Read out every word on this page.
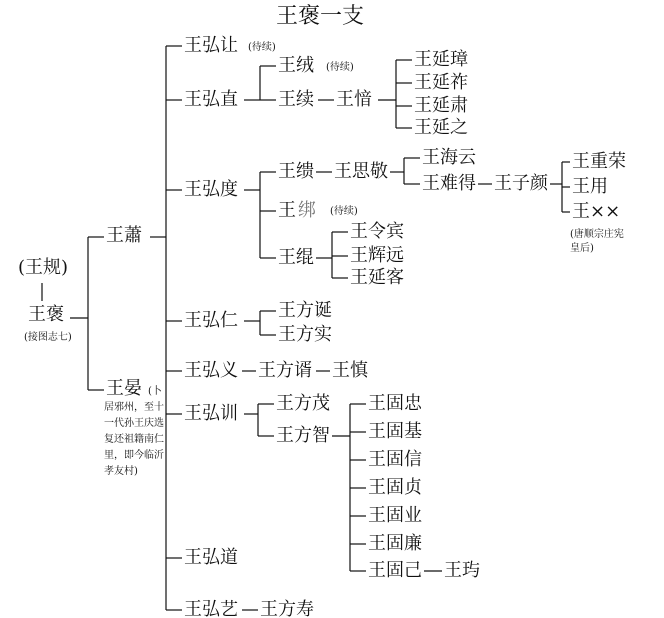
王褒一支
(王规)
王褒
(接图志七)
王蕭
王晏 (卜居邪州，至十一代孙王庆选复还祖籍南仁里，即今临沂孝友村)
王弘让 (待续)
王弘直
王弘度
王弘仁
王弘义
王弘训
王弘道
王弘艺
王绒 (待续)
王续 王愔
王延璋
王延祚
王延肃
王延之
王缋 王思敬
王海云
王难得 王子颜
王重荣
王用
王××
(唐顺宗庄宪皇后)
王 绑 (待续)
王绲
王令宾
王辉远
王延客
王方诞
王方实
王方谞 王慎
王方茂
王方智
王固忠
王固基
王固信
王固贞
王固业
王固廉
王固己 王玙
王方寿
